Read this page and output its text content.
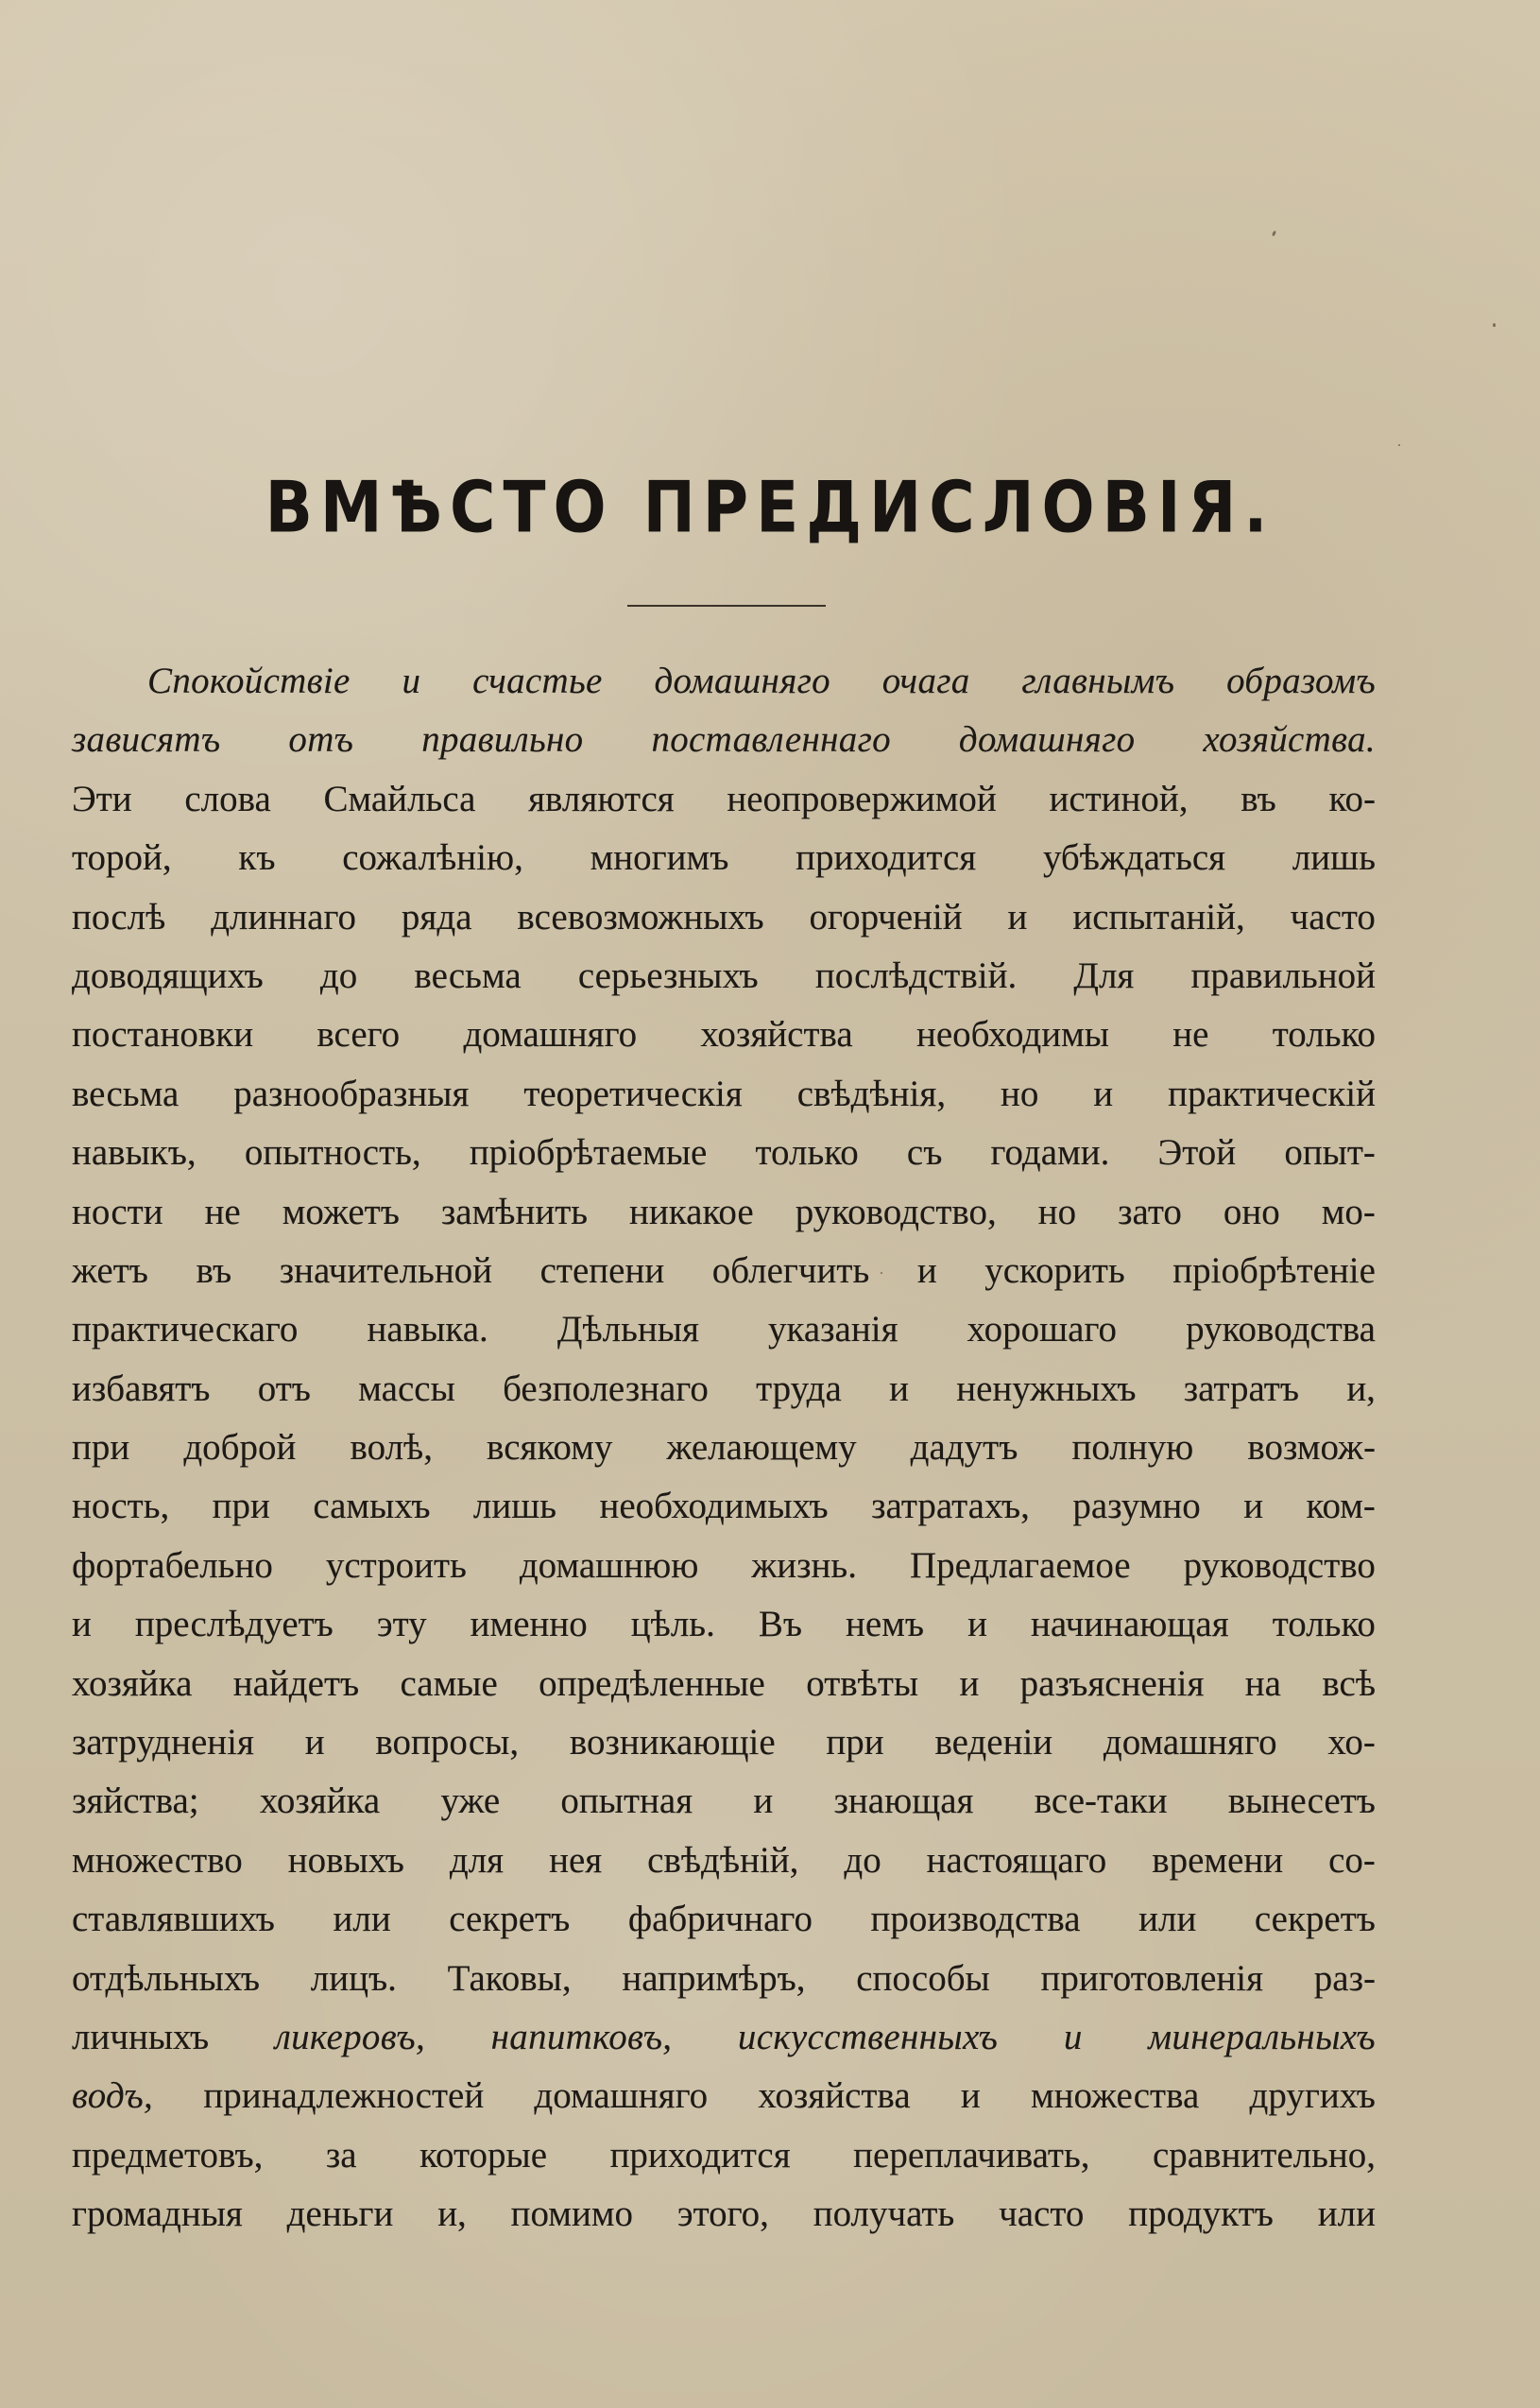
ВМѢСТО ПРЕДИСЛОВІЯ.
Спокойствіе и счастье домашняго очага главнымъ образомъ
зависятъ отъ правильно поставленнаго домашняго хозяйства.
Эти слова Смайльса являются неопровержимой истиной, въ ко-
торой, къ сожалѣнію, многимъ приходится убѣждаться лишь
послѣ длиннаго ряда всевозможныхъ огорченій и испытаній, часто
доводящихъ до весьма серьезныхъ послѣдствій. Для правильной
постановки всего домашняго хозяйства необходимы не только
весьма разнообразныя теоретическія свѣдѣнія, но и практическій
навыкъ, опытность, пріобрѣтаемые только съ годами. Этой опыт-
ности не можетъ замѣнить никакое руководство, но зато оно мо-
жетъ въ значительной степени облегчить и ускорить пріобрѣтеніе
практическаго навыка. Дѣльныя указанія хорошаго руководства
избавятъ отъ массы безполезнаго труда и ненужныхъ затратъ и,
при доброй волѣ, всякому желающему дадутъ полную возмож-
ность, при самыхъ лишь необходимыхъ затратахъ, разумно и ком-
фортабельно устроить домашнюю жизнь. Предлагаемое руководство
и преслѣдуетъ эту именно цѣль. Въ немъ и начинающая только
хозяйка найдетъ самые опредѣленные отвѣты и разъясненія на всѣ
затрудненія и вопросы, возникающіе при веденіи домашняго хо-
зяйства; хозяйка уже опытная и знающая все-таки вынесетъ
множество новыхъ для нея свѣдѣній, до настоящаго времени со-
ставлявшихъ или секретъ фабричнаго производства или секретъ
отдѣльныхъ лицъ. Таковы, напримѣръ, способы приготовленія раз-
личныхъ ликеровъ, напитковъ, искусственныхъ и минеральныхъ
водъ, принадлежностей домашняго хозяйства и множества другихъ
предметовъ, за которые приходится переплачивать, сравнительно,
громадныя деньги и, помимо этого, получать часто продуктъ или
